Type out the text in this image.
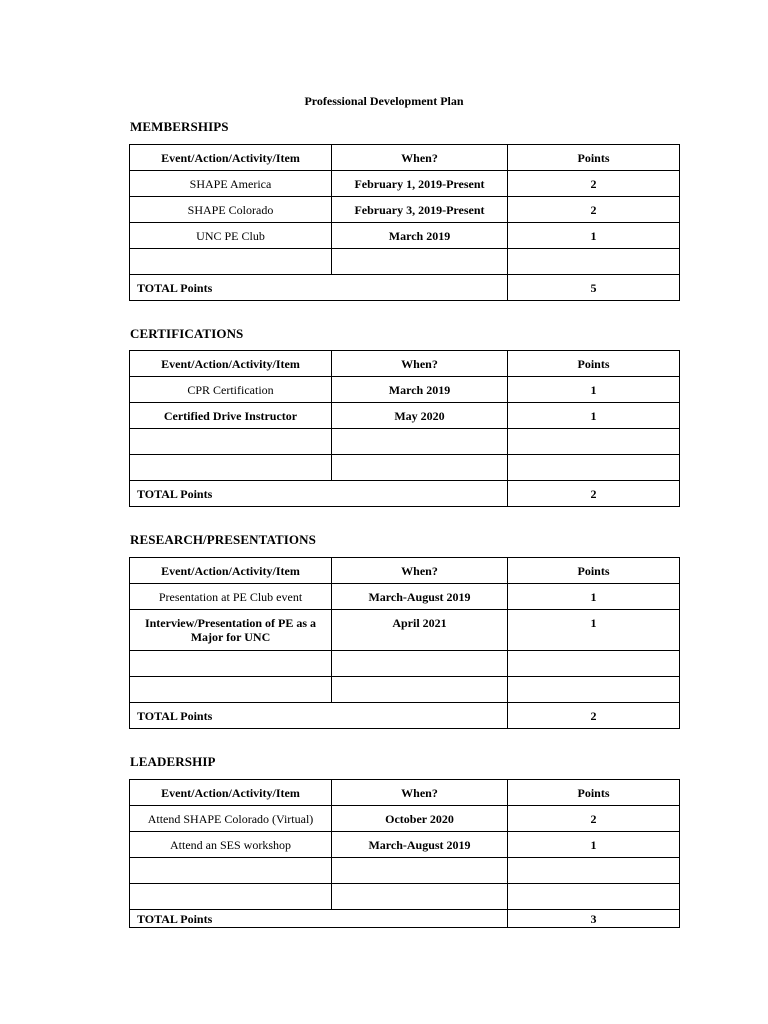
Professional Development Plan
MEMBERSHIPS
Event/Action/Activity/Item	When?	Points

SHAPE America	February 1, 2019-Present	2

SHAPE Colorado	February 3, 2019-Present	2

UNC PE Club	March 2019	1

TOTAL Points		5
CERTIFICATIONS
Event/Action/Activity/Item	When?	Points

CPR Certification	March 2019	1

Certified Drive Instructor	May 2020	1

TOTAL Points		2
RESEARCH/PRESENTATIONS
Event/Action/Activity/Item	When?	Points

Presentation at PE Club event	March-August 2019	1

Interview/Presentation of PE as a Major for UNC	April 2021	1

TOTAL Points		2
LEADERSHIP
Event/Action/Activity/Item	When?	Points

Attend SHAPE Colorado (Virtual)	October 2020	2

Attend an SES workshop	March-August 2019	1

TOTAL Points		3
